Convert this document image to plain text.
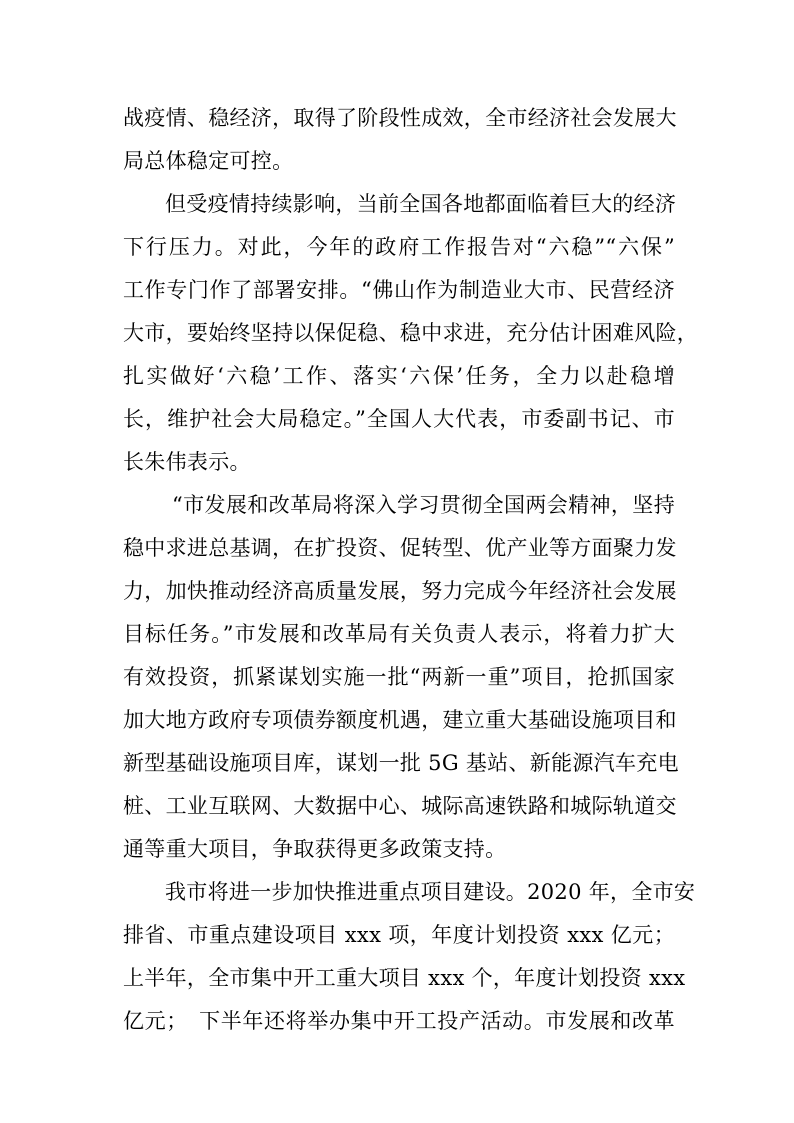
战疫情、稳经济，取得了阶段性成效，全市经济社会发展大
局总体稳定可控。
但受疫情持续影响，当前全国各地都面临着巨大的经济
下行压力。对此，今年的政府工作报告对“六稳”“六保”
工作专门作了部署安排。“佛山作为制造业大市、民营经济
大市，要始终坚持以保促稳、稳中求进，充分估计困难风险，
扎实做好‘六稳’工作、落实‘六保’任务，全力以赴稳增
长，维护社会大局稳定。”全国人大代表，市委副书记、市
长朱伟表示。
“市发展和改革局将深入学习贯彻全国两会精神，坚持
稳中求进总基调，在扩投资、促转型、优产业等方面聚力发
力，加快推动经济高质量发展，努力完成今年经济社会发展
目标任务。”市发展和改革局有关负责人表示，将着力扩大
有效投资，抓紧谋划实施一批“两新一重”项目，抢抓国家
加大地方政府专项债券额度机遇，建立重大基础设施项目和
新型基础设施项目库，谋划一批 5G 基站、新能源汽车充电
桩、工业互联网、大数据中心、城际高速铁路和城际轨道交
通等重大项目，争取获得更多政策支持。
我市将进一步加快推进重点项目建设。2020 年，全市安
排省、市重点建设项目 xxx 项，年度计划投资 xxx 亿元；
上半年，全市集中开工重大项目 xxx 个，年度计划投资 xxx
亿元；　下半年还将举办集中开工投产活动。市发展和改革
